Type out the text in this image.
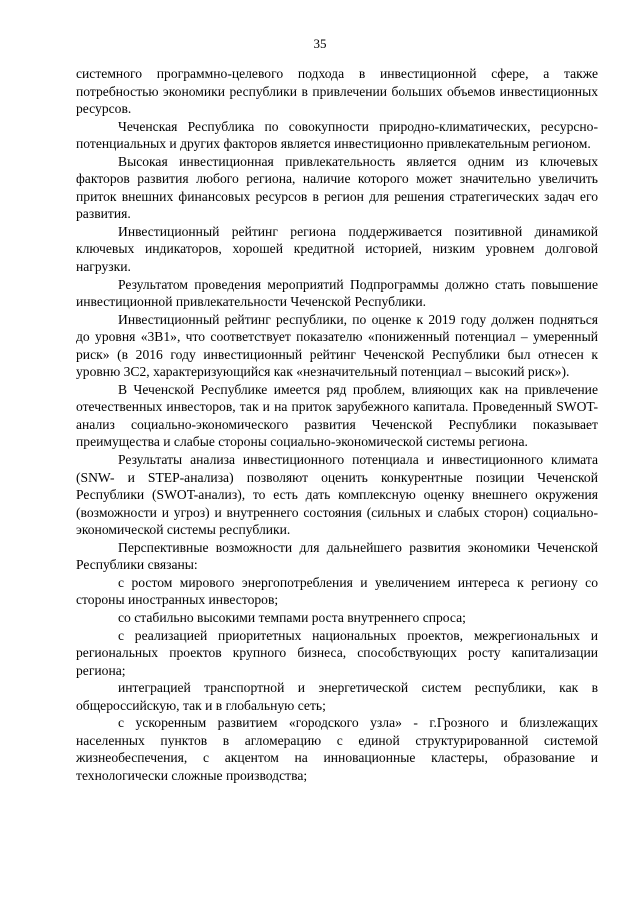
35

системного программно-целевого подхода в инвестиционной сфере, а также потребностью экономики республики в привлечении больших объемов инвестиционных ресурсов.

Чеченская Республика по совокупности природно-климатических, ресурсно-потенциальных и других факторов является инвестиционно привлекательным регионом.

Высокая инвестиционная привлекательность является одним из ключевых факторов развития любого региона, наличие которого может значительно увеличить приток внешних финансовых ресурсов в регион для решения стратегических задач его развития.

Инвестиционный рейтинг региона поддерживается позитивной динамикой ключевых индикаторов, хорошей кредитной историей, низким уровнем долговой нагрузки.

Результатом проведения мероприятий Подпрограммы должно стать повышение инвестиционной привлекательности Чеченской Республики.

Инвестиционный рейтинг республики, по оценке к 2019 году должен подняться до уровня «3В1», что соответствует показателю «пониженный потенциал – умеренный риск» (в 2016 году инвестиционный рейтинг Чеченской Республики был отнесен к уровню 3С2, характеризующийся как «незначительный потенциал – высокий риск»).

В Чеченской Республике имеется ряд проблем, влияющих как на привлечение отечественных инвесторов, так и на приток зарубежного капитала. Проведенный SWOT-анализ социально-экономического развития Чеченской Республики показывает преимущества и слабые стороны социально-экономической системы региона.

Результаты анализа инвестиционного потенциала и инвестиционного климата (SNW- и STEP-анализа) позволяют оценить конкурентные позиции Чеченской Республики (SWOT-анализ), то есть дать комплексную оценку внешнего окружения (возможности и угроз) и внутреннего состояния (сильных и слабых сторон) социально-экономической системы республики.

Перспективные возможности для дальнейшего развития экономики Чеченской Республики связаны:

с ростом мирового энергопотребления и увеличением интереса к региону со стороны иностранных инвесторов;

со стабильно высокими темпами роста внутреннего спроса;

с реализацией приоритетных национальных проектов, межрегиональных и региональных проектов крупного бизнеса, способствующих росту капитализации региона;

интеграцией транспортной и энергетической систем республики, как в общероссийскую, так и в глобальную сеть;

с ускоренным развитием «городского узла» - г.Грозного и близлежащих населенных пунктов в агломерацию с единой структурированной системой жизнеобеспечения, с акцентом на инновационные кластеры, образование и технологически сложные производства;
